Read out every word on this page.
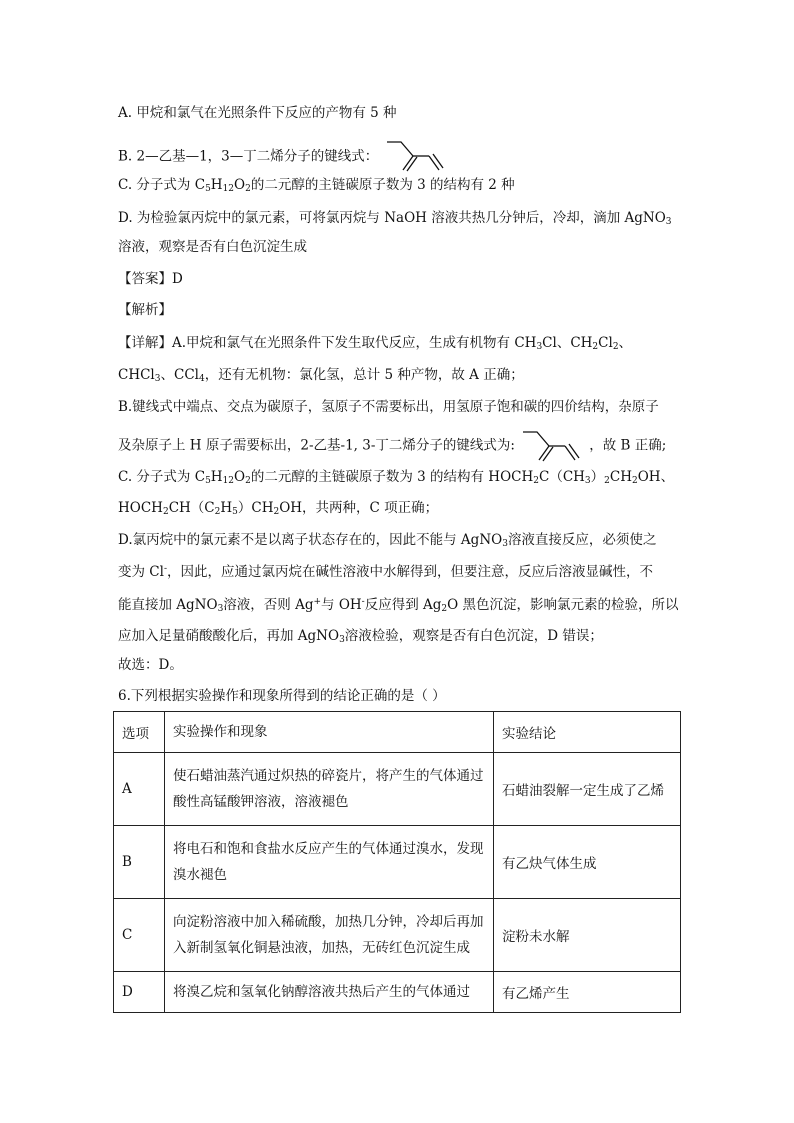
A. 甲烷和氯气在光照条件下反应的产物有 5 种
B. 2—乙基—1，3—丁二烯分子的键线式：
C. 分子式为 $C_5H_{12}O_2$的二元醇的主链碳原子数为 3 的结构有 2 种
D. 为检验氯丙烷中的氯元素，可将氯丙烷与 NaOH 溶液共热几分钟后，冷却，滴加 AgNO$_3$
溶液，观察是否有白色沉淀生成
【答案】D
【解析】
【详解】A.甲烷和氯气在光照条件下发生取代反应，生成有机物有 $CH_3Cl$、$CH_2Cl_2$、
CHCl$_3$、CCl$_4$，还有无机物：氯化氢，总计 5 种产物，故 A 正确；
B.键线式中端点、交点为碳原子，氢原子不需要标出，用氢原子饱和碳的四价结构，杂原子
及杂原子上 H 原子需要标出，2-乙基-1, 3-丁二烯分子的键线式为:	，故 B 正确;
C. 分子式为 $C_5H_{12}O_2$的二元醇的主链碳原子数为 3 的结构有 $HOCH_2C(CH_3)_2CH_2OH$、
$HOCH_2CH(C_2H_5)CH_2OH$，共两种，C 项正确；
D.氯丙烷中的氯元素不是以离子状态存在的，因此不能与 AgNO$_3$溶液直接反应，必须使之
变为 Cl-，因此，应通过氯丙烷在碱性溶液中水解得到，但要注意，反应后溶液显碱性，不
能直接加 AgNO$_3$溶液，否则 Ag+与 OH-反应得到 $Ag_2O$ 黑色沉淀，影响氯元素的检验，所以
应加入足量硝酸酸化后，再加 AgNO$_3$溶液检验，观察是否有白色沉淀，D 错误；
故选：D。
6.下列根据实验操作和现象所得到的结论正确的是（ ）
选项	实验操作和现象	实验结论
A	使石蜡油蒸汽通过炽热的碎瓷片，将产生的气体通过
酸性高锰酸钾溶液，溶液褪色	石蜡油裂解一定生成了乙烯
B	将电石和饱和食盐水反应产生的气体通过溴水，发现
溴水褪色	有乙炔气体生成
C	向淀粉溶液中加入稀硫酸，加热几分钟，冷却后再加
入新制氢氧化铜悬浊液，加热，无砖红色沉淀生成	淀粉未水解
D	将溴乙烷和氢氧化钠醇溶液共热后产生的气体通过	有乙烯产生
